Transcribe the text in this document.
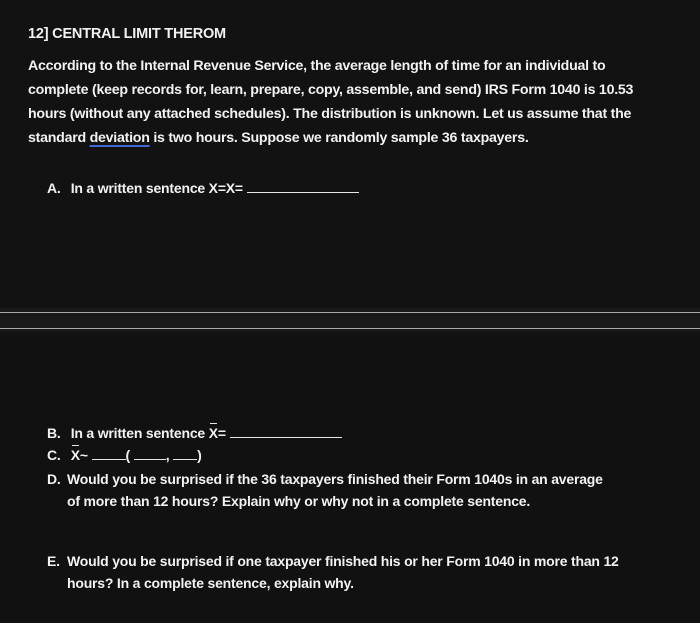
12] CENTRAL LIMIT THEROM
According to the Internal Revenue Service, the average length of time for an individual to complete (keep records for, learn, prepare, copy, assemble, and send) IRS Form 1040 is 10.53 hours (without any attached schedules). The distribution is unknown. Let us assume that the standard deviation is two hours. Suppose we randomly sample 36 taxpayers.
A. In a written sentence X=X=
B. In a written sentence X=
C. X~	(	, )
D. Would you be surprised if the 36 taxpayers finished their Form 1040s in an average of more than 12 hours? Explain why or why not in a complete sentence.
E. Would you be surprised if one taxpayer finished his or her Form 1040 in more than 12 hours? In a complete sentence, explain why.
